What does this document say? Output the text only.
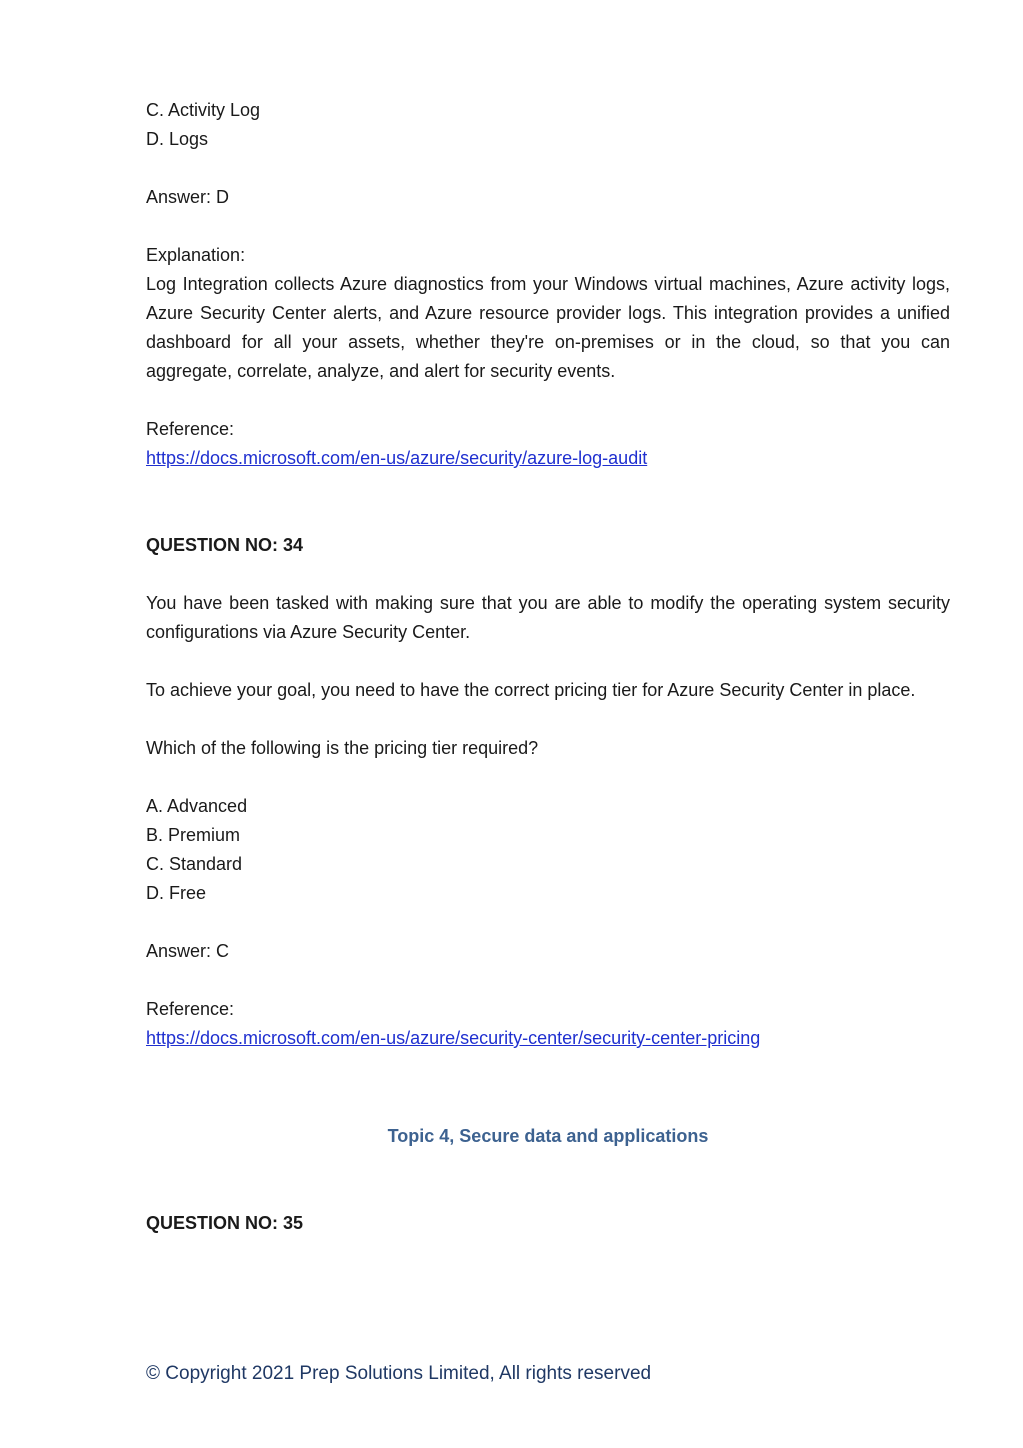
C. Activity Log
D. Logs
Answer: D
Explanation:
Log Integration collects Azure diagnostics from your Windows virtual machines, Azure activity logs, Azure Security Center alerts, and Azure resource provider logs. This integration provides a unified dashboard for all your assets, whether they're on-premises or in the cloud, so that you can aggregate, correlate, analyze, and alert for security events.
Reference:
https://docs.microsoft.com/en-us/azure/security/azure-log-audit
QUESTION NO: 34
You have been tasked with making sure that you are able to modify the operating system security configurations via Azure Security Center.
To achieve your goal, you need to have the correct pricing tier for Azure Security Center in place.
Which of the following is the pricing tier required?
A. Advanced
B. Premium
C. Standard
D. Free
Answer: C
Reference:
https://docs.microsoft.com/en-us/azure/security-center/security-center-pricing
Topic 4, Secure data and applications
QUESTION NO: 35
© Copyright 2021 Prep Solutions Limited, All rights reserved
